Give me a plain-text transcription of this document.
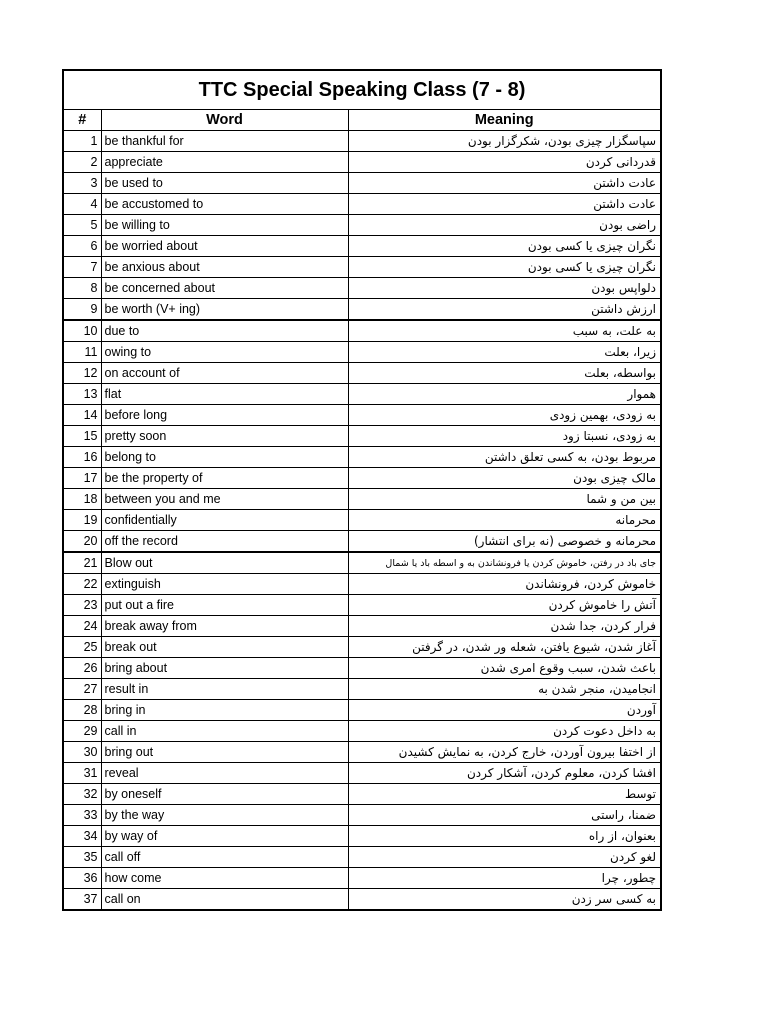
TTC Special Speaking Class (7 - 8)
#	Word	Meaning
1	be thankful for	سپاسگزار چیزی بودن، شکرگزار بودن
2	appreciate	قدردانی کردن
3	be used to	عادت داشتن
4	be accustomed to	عادت داشتن
5	be willing to	راضی بودن
6	be worried about	نگران چیزی یا کسی بودن
7	be anxious about	نگران چیزی یا کسی بودن
8	be concerned about	دلواپس بودن
9	be worth (V+ ing)	ارزش داشتن
10	due to	به علت، به سبب
11	owing to	زیرا، بعلت
12	on account of	بواسطه، بعلت
13	flat	هموار
14	before long	به زودی، بهمین زودی
15	pretty soon	به زودی، نسبتا زود
16	belong to	مربوط بودن، به کسی تعلق داشتن
17	be the property of	مالک چیزی بودن
18	between you and me	بین من و شما
19	confidentially	محرمانه
20	off the record	محرمانه و خصوصی (نه برای انتشار)
21	Blow out	جای باد در رفتن، خاموش کردن یا فرونشاندن به و اسطه باد یا شمال
22	extinguish	خاموش کردن، فرونشاندن
23	put out a fire	آتش را خاموش کردن
24	break away from	فرار کردن، جدا شدن
25	break out	آغاز شدن، شیوع یافتن، شعله ور شدن، در گرفتن
26	bring about	باعث شدن، سبب وقوع امری شدن
27	result in	انجامیدن، منجر شدن به
28	bring in	آوردن
29	call in	به داخل دعوت کردن
30	bring out	از اختفا بیرون آوردن، خارج کردن، به نمایش کشیدن
31	reveal	افشا کردن، معلوم کردن، آشکار کردن
32	by oneself	توسط
33	by the way	ضمنا، راستی
34	by way of	بعنوان، از راه
35	call off	لغو کردن
36	how come	چطور، چرا
37	call on	به کسی سر زدن
